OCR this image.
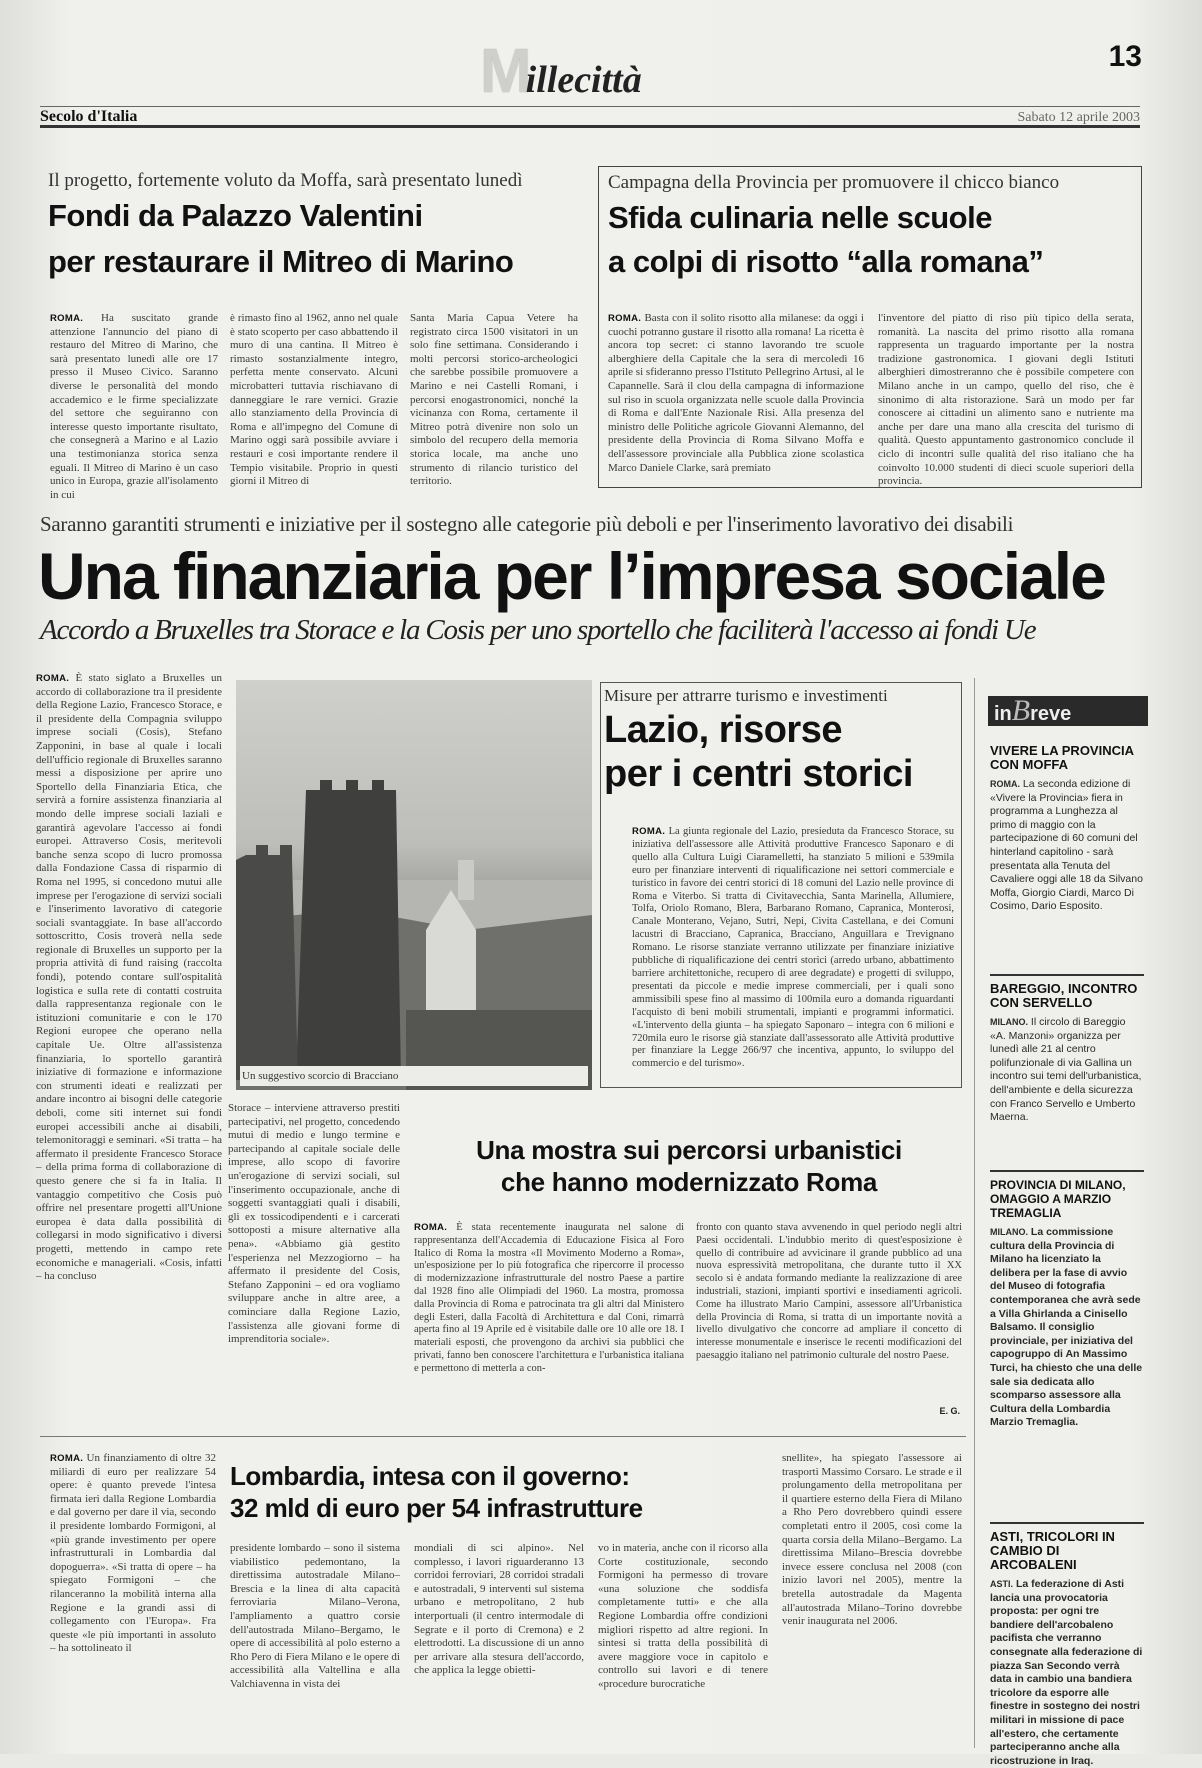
Millecittà
13
Secolo d'Italia	Sabato 12 aprile 2003
Il progetto, fortemente voluto da Moffa, sarà presentato lunedì
Fondi da Palazzo Valentini
per restaurare il Mitreo di Marino
ROMA. Ha suscitato grande attenzione l'annuncio del piano di restauro del Mitreo di Marino, che sarà presentato lunedì alle ore 17 presso il Museo Civico. Saranno diverse le personalità del mondo accademico e le firme specializzate del settore che seguiranno con interesse questo importante risultato, che consegnerà a Marino e al Lazio una testimonianza storica senza eguali. Il Mitreo di Marino è un caso unico in Europa, grazie all'isolamento in cui
è rimasto fino al 1962, anno nel quale è stato scoperto per caso abbattendo il muro di una cantina. Il Mitreo è rimasto sostanzialmente integro, perfetta mente conservato. Alcuni microbatteri tuttavia rischiavano di danneggiare le rare vernici. Grazie allo stanziamento della Provincia di Roma e all'impegno del Comune di Marino oggi sarà possibile avviare i restauri e così importante rendere il Tempio visitabile. Proprio in questi giorni il Mitreo di
Santa Maria Capua Vetere ha registrato circa 1500 visitatori in un solo fine settimana. Considerando i molti percorsi storico-archeologici che sarebbe possibile promuovere a Marino e nei Castelli Romani, i percorsi enogastronomici, nonché la vicinanza con Roma, certamente il Mitreo potrà divenire non solo un simbolo del recupero della memoria storica locale, ma anche uno strumento di rilancio turistico del territorio.
Campagna della Provincia per promuovere il chicco bianco
Sfida culinaria nelle scuole
a colpi di risotto “alla romana”
ROMA. Basta con il solito risotto alla milanese: da oggi i cuochi potranno gustare il risotto alla romana! La ricetta è ancora top secret: ci stanno lavorando tre scuole alberghiere della Capitale che la sera di mercoledì 16 aprile si sfideranno presso l'Istituto Pellegrino Artusi, al le Capannelle. Sarà il clou della campagna di informazione sul riso in scuola organizzata nelle scuole dalla Provincia di Roma e dall'Ente Nazionale Risi. Alla presenza del ministro delle Politiche agricole Giovanni Alemanno, del presidente della Provincia di Roma Silvano Moffa e dell'assessore provinciale alla Pubblica zione scolastica Marco Daniele Clarke, sarà premiato
l'inventore del piatto di riso più tipico della serata, romanità. La nascita del primo risotto alla romana rappresenta un traguardo importante per la nostra tradizione gastronomica. I giovani degli Istituti alberghieri dimostreranno che è possibile competere con Milano anche in un campo, quello del riso, che è sinonimo di alta ristorazione. Sarà un modo per far conoscere ai cittadini un alimento sano e nutriente ma anche per dare una mano alla crescita del turismo di qualità. Questo appuntamento gastronomico conclude il ciclo di incontri sulle qualità del riso italiano che ha coinvolto 10.000 studenti di dieci scuole superiori della provincia.
Saranno garantiti strumenti e iniziative per il sostegno alle categorie più deboli e per l'inserimento lavorativo dei disabili
Una finanziaria per l’impresa sociale
Accordo a Bruxelles tra Storace e la Cosis per uno sportello che faciliterà l'accesso ai fondi Ue
ROMA. È stato siglato a Bruxelles un accordo di collaborazione tra il presidente della Regione Lazio, Francesco Storace, e il presidente della Compagnia sviluppo imprese sociali (Cosis), Stefano Zapponini, in base al quale i locali dell'ufficio regionale di Bruxelles saranno messi a disposizione per aprire uno Sportello della Finanziaria Etica, che servirà a fornire assistenza finanziaria al mondo delle imprese sociali laziali e garantirà agevolare l'accesso ai fondi europei. Attraverso Cosis, meritevoli banche senza scopo di lucro promossa dalla Fondazione Cassa di risparmio di Roma nel 1995, si concedono mutui alle imprese per l'erogazione di servizi sociali e l'inserimento lavorativo di categorie sociali svantaggiate. In base all'accordo sottoscritto, Cosis troverà nella sede regionale di Bruxelles un supporto per la propria attività di fund raising (raccolta fondi), potendo contare sull'ospitalità logistica e sulla rete di contatti costruita dalla rappresentanza regionale con le istituzioni comunitarie e con le 170 Regioni europee che operano nella capitale Ue. Oltre all'assistenza finanziaria, lo sportello garantirà iniziative di formazione e informazione con strumenti ideati e realizzati per andare incontro ai bisogni delle categorie deboli, come siti internet sui fondi europei accessibili anche ai disabili, telemonitoraggi e seminari. «Si tratta – ha affermato il presidente Francesco Storace – della prima forma di collaborazione di questo genere che si fa in Italia. Il vantaggio competitivo che Cosis può offrire nel presentare progetti all'Unione europea è data dalla possibilità di collegarsi in modo significativo i diversi progetti, mettendo in campo rete economiche e manageriali. «Cosis, infatti – ha concluso
Un suggestivo scorcio di Bracciano
Misure per attrarre turismo e investimenti
Lazio, risorse
per i centri storici
ROMA. La giunta regionale del Lazio, presieduta da Francesco Storace, su iniziativa dell'assessore alle Attività produttive Francesco Saponaro e di quello alla Cultura Luigi Ciaramelletti, ha stanziato 5 milioni e 539mila euro per finanziare interventi di riqualificazione nei settori commerciale e turistico in favore dei centri storici di 18 comuni del Lazio nelle province di Roma e Viterbo. Si tratta di Civitavecchia, Santa Marinella, Allumiere, Tolfa, Oriolo Romano, Blera, Barbarano Romano, Capranica, Monterosi, Canale Monterano, Vejano, Sutri, Nepi, Civita Castellana, e dei Comuni lacustri di Bracciano, Capranica, Bracciano, Anguillara e Trevignano Romano. Le risorse stanziate verranno utilizzate per finanziare iniziative pubbliche di riqualificazione dei centri storici (arredo urbano, abbattimento barriere architettoniche, recupero di aree degradate) e progetti di sviluppo, presentati da piccole e medie imprese commerciali, per i quali sono ammissibili spese fino al massimo di 100mila euro a domanda riguardanti l'acquisto di beni mobili strumentali, impianti e programmi informatici. «L'intervento della giunta – ha spiegato Saponaro – integra con 6 milioni e 720mila euro le risorse già stanziate dall'assessorato alle Attività produttive per finanziare la Legge 266/97 che incentiva, appunto, lo sviluppo del commercio e del turismo».
inBreve
VIVERE LA PROVINCIA CON MOFFA
ROMA. La seconda edizione di «Vivere la Provincia» fiera in programma a Lunghezza al primo di maggio con la partecipazione di 60 comuni del hinterland capitolino - sarà presentata alla Tenuta del Cavaliere oggi alle 18 da Silvano Moffa, Giorgio Ciardi, Marco Di Cosimo, Dario Esposito.
BAREGGIO, INCONTRO CON SERVELLO
MILANO. Il circolo di Bareggio «A. Manzoni» organizza per lunedì alle 21 al centro polifunzionale di via Gallina un incontro sui temi dell'urbanistica, dell'ambiente e della sicurezza con Franco Servello e Umberto Maerna.
PROVINCIA DI MILANO, OMAGGIO A MARZIO TREMAGLIA
MILANO. La commissione cultura della Provincia di Milano ha licenziato la delibera per la fase di avvio del Museo di fotografia contemporanea che avrà sede a Villa Ghirlanda a Cinisello Balsamo. Il consiglio provinciale, per iniziativa del capogruppo di An Massimo Turci, ha chiesto che una delle sale sia dedicata allo scomparso assessore alla Cultura della Lombardia Marzio Tremaglia.
ASTI, TRICOLORI IN CAMBIO DI ARCOBALENI
ASTI. La federazione di Asti lancia una provocatoria proposta: per ogni tre bandiere dell'arcobaleno pacifista che verranno consegnate alla federazione di piazza San Secondo verrà data in cambio una bandiera tricolore da esporre alle finestre in sostegno dei nostri militari in missione di pace all'estero, che certamente parteciperanno anche alla ricostruzione in Iraq.
Storace – interviene attraverso prestiti partecipativi, nel progetto, concedendo mutui di medio e lungo termine e partecipando al capitale sociale delle imprese, allo scopo di favorire un'erogazione di servizi sociali, sul l'inserimento occupazionale, anche di soggetti svantaggiati quali i disabili, gli ex tossicodipendenti e i carcerati sottoposti a misure alternative alla pena». «Abbiamo già gestito l'esperienza nel Mezzogiorno – ha affermato il presidente del Cosis, Stefano Zapponini – ed ora vogliamo sviluppare anche in altre aree, a cominciare dalla Regione Lazio, l'assistenza alle giovani forme di imprenditoria sociale».
Una mostra sui percorsi urbanistici
che hanno modernizzato Roma
ROMA. È stata recentemente inaugurata nel salone di rappresentanza dell'Accademia di Educazione Fisica al Foro Italico di Roma la mostra «Il Movimento Moderno a Roma», un'esposizione per lo più fotografica che ripercorre il processo di modernizzazione infrastrutturale del nostro Paese a partire dal 1928 fino alle Olimpiadi del 1960. La mostra, promossa dalla Provincia di Roma e patrocinata tra gli altri dal Ministero degli Esteri, dalla Facoltà di Architettura e dal Coni, rimarrà aperta fino al 19 Aprile ed è visitabile dalle ore 10 alle ore 18. I materiali esposti, che provengono da archivi sia pubblici che privati, fanno ben conoscere l'architettura e l'urbanistica italiana e permettono di metterla a con-
fronto con quanto stava avvenendo in quel periodo negli altri Paesi occidentali. L'indubbio merito di quest'esposizione è quello di contribuire ad avvicinare il grande pubblico ad una nuova espressività metropolitana, che durante tutto il XX secolo si è andata formando mediante la realizzazione di aree industriali, stazioni, impianti sportivi e insediamenti agricoli. Come ha illustrato Mario Campini, assessore all'Urbanistica della Provincia di Roma, si tratta di un importante novità a livello divulgativo che concorre ad ampliare il concetto di interesse monumentale e inserisce le recenti modificazioni del paesaggio italiano nel patrimonio culturale del nostro Paese.
E. G.
ROMA. Un finanziamento di oltre 32 miliardi di euro per realizzare 54 opere: è quanto prevede l'intesa firmata ieri dalla Regione Lombardia e dal governo per dare il via, secondo il presidente lombardo Formigoni, al «più grande investimento per opere infrastrutturali in Lombardia dal dopoguerra». «Si tratta di opere – ha spiegato Formigoni – che rilanceranno la mobilità interna alla Regione e la grandi assi di collegamento con l'Europa». Fra queste «le più importanti in assoluto – ha sottolineato il
Lombardia, intesa con il governo:
32 mld di euro per 54 infrastrutture
presidente lombardo – sono il sistema viabilistico pedemontano, la direttissima autostradale Milano–Brescia e la linea di alta capacità ferroviaria Milano–Verona, l'ampliamento a quattro corsie dell'autostrada Milano–Bergamo, le opere di accessibilità al polo esterno a Rho Pero di Fiera Milano e le opere di accessibilità alla Valtellina e alla Valchiavenna in vista dei
mondiali di sci alpino». Nel complesso, i lavori riguarderanno 13 corridoi ferroviari, 28 corridoi stradali e autostradali, 9 interventi sul sistema urbano e metropolitano, 2 hub interportuali (il centro intermodale di Segrate e il porto di Cremona) e 2 elettrodotti. La discussione di un anno per arrivare alla stesura dell'accordo, che applica la legge obietti-
vo in materia, anche con il ricorso alla Corte costituzionale, secondo Formigoni ha permesso di trovare «una soluzione che soddisfa completamente tutti» e che alla Regione Lombardia offre condizioni migliori rispetto ad altre regioni. In sintesi si tratta della possibilità di avere maggiore voce in capitolo e controllo sui lavori e di tenere «procedure burocratiche
snellite», ha spiegato l'assessore ai trasporti Massimo Corsaro. Le strade e il prolungamento della metropolitana per il quartiere esterno della Fiera di Milano a Rho Pero dovrebbero quindi essere completati entro il 2005, così come la quarta corsia della Milano–Bergamo. La direttissima Milano–Brescia dovrebbe invece essere conclusa nel 2008 (con inizio lavori nel 2005), mentre la bretella autostradale da Magenta all'autostrada Milano–Torino dovrebbe venir inaugurata nel 2006.
